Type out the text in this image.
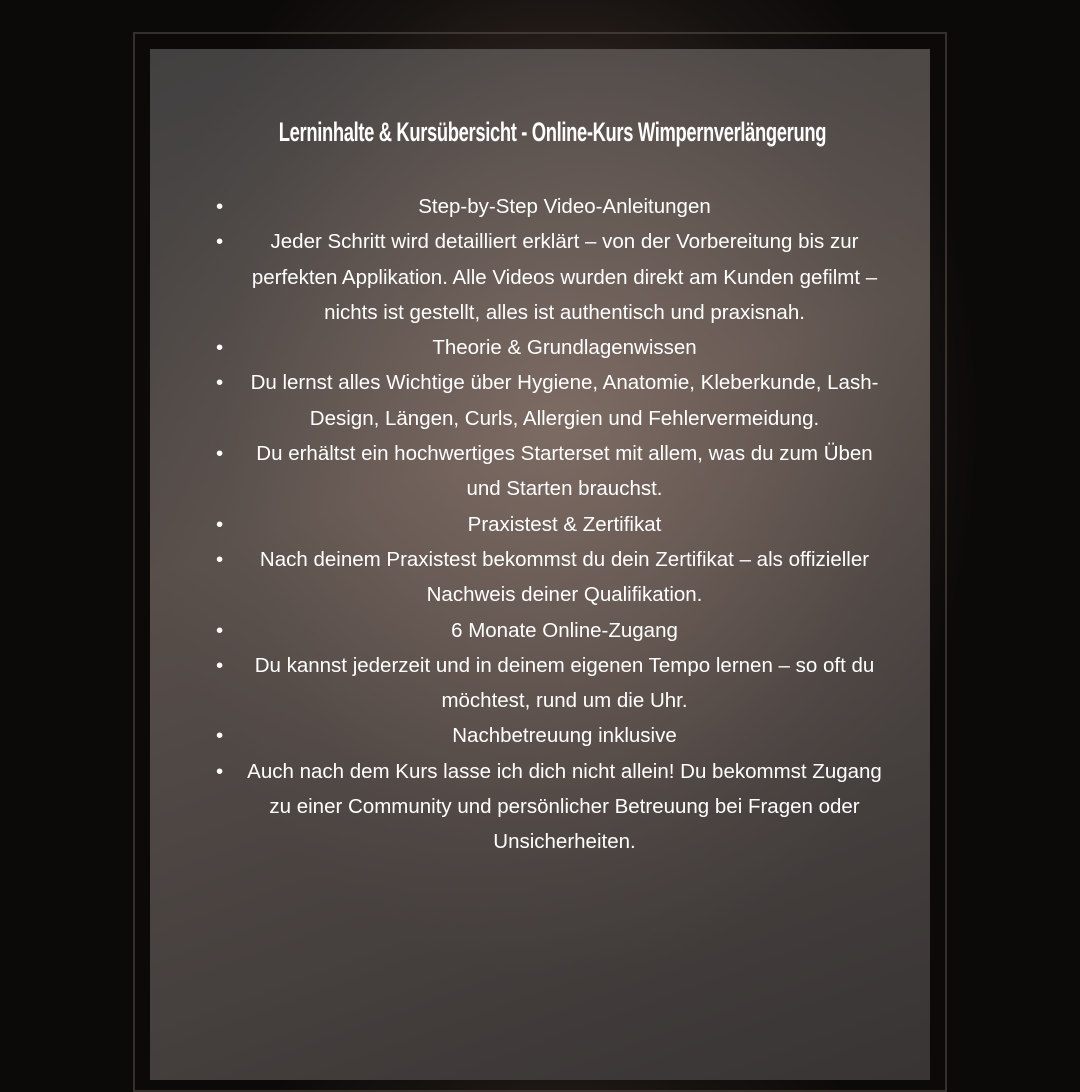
Lerninhalte & Kursübersicht - Online-Kurs Wimpernverlängerung
•	Step-by-Step Video-Anleitungen
• Jeder Schritt wird detailliert erklärt – von der Vorbereitung bis zur perfekten Applikation. Alle Videos wurden direkt am Kunden gefilmt – nichts ist gestellt, alles ist authentisch und praxisnah.
•	Theorie & Grundlagenwissen
• Du lernst alles Wichtige über Hygiene, Anatomie, Kleberkunde, Lash-Design, Längen, Curls, Allergien und Fehlervermeidung.
• Du erhältst ein hochwertiges Starterset mit allem, was du zum Üben und Starten brauchst.
•	Praxistest & Zertifikat
• Nach deinem Praxistest bekommst du dein Zertifikat – als offizieller Nachweis deiner Qualifikation.
•	6 Monate Online-Zugang
• Du kannst jederzeit und in deinem eigenen Tempo lernen – so oft du möchtest, rund um die Uhr.
•	Nachbetreuung inklusive
• Auch nach dem Kurs lasse ich dich nicht allein! Du bekommst Zugang zu einer Community und persönlicher Betreuung bei Fragen oder Unsicherheiten.
